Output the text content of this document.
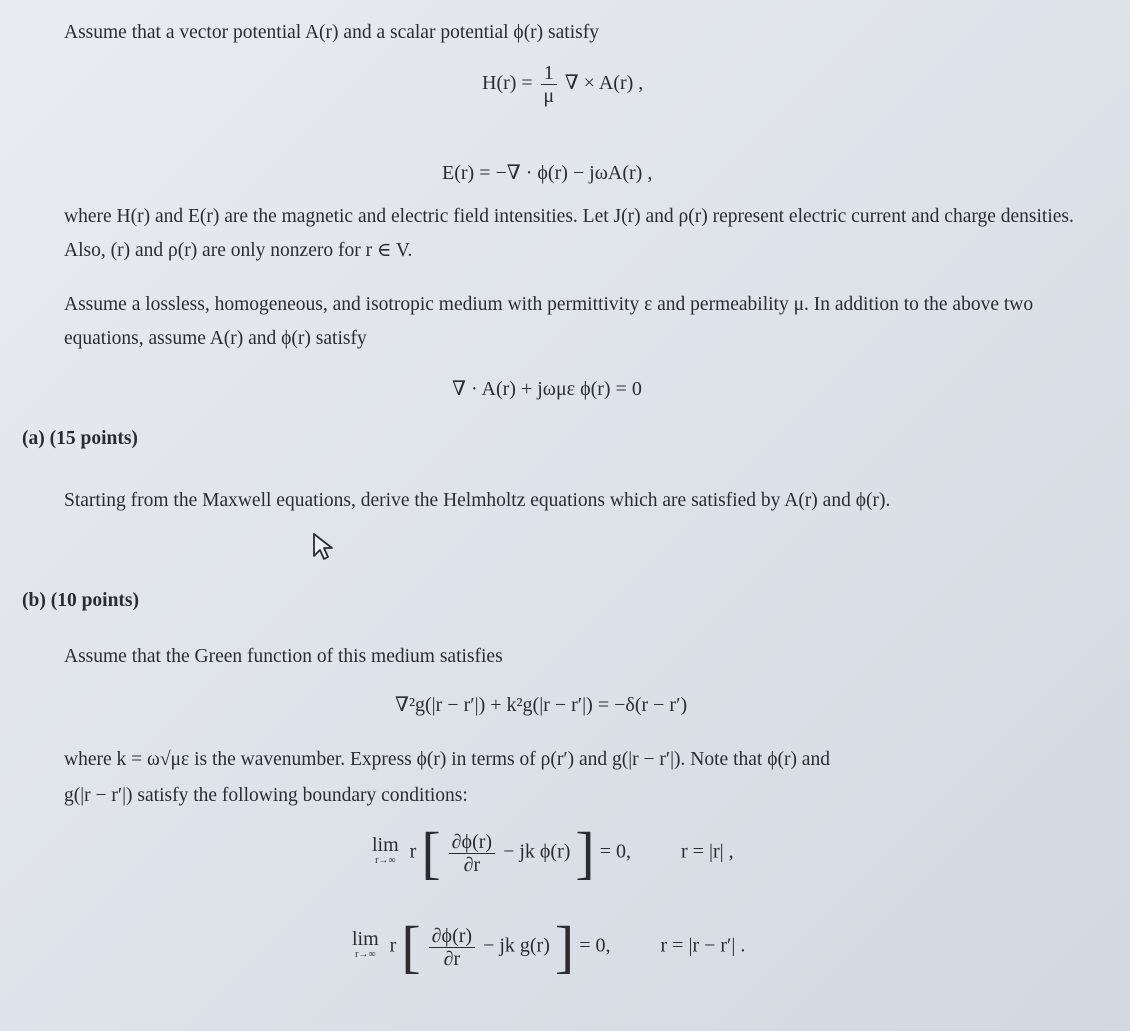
Assume that a vector potential A(r) and a scalar potential ϕ(r) satisfy
$H(r) = \frac{1}{\mu}$ ∇ × A(r) ,
E(r) = −∇ · ϕ(r) − jωA(r) ,
where H(r) and E(r) are the magnetic and electric field intensities. Let J(r) and ρ(r) represent electric current and charge densities. Also, (r) and ρ(r) are only nonzero for r ∈ V.
Assume a lossless, homogeneous, and isotropic medium with permittivity ε and permeability μ. In addition to the above two equations, assume A(r) and ϕ(r) satisfy
∇ · A(r) + jωμε ϕ(r) = 0
(a) (15 points)
Starting from the Maxwell equations, derive the Helmholtz equations which are satisfied by A(r) and ϕ(r).
(b) (10 points)
Assume that the Green function of this medium satisfies
∇²g(|r − r′|) + k²g(|r − r′|) = −δ(r − r′)
where k = ω√με is the wavenumber. Express ϕ(r) in terms of ρ(r′) and g(|r − r′|). Note that ϕ(r) and
g(|r − r′|) satisfy the following boundary conditions:
lim
r→∞ r [ $\frac{\partial\phi(r)}{\partial r}$ − jk ϕ(r) ] = 0,	r = |r| ,
lim
r→∞ r [ $\frac{\partial\phi(r)}{\partial r}$ − jk g(r) ] = 0,	r = |r − r′| .
